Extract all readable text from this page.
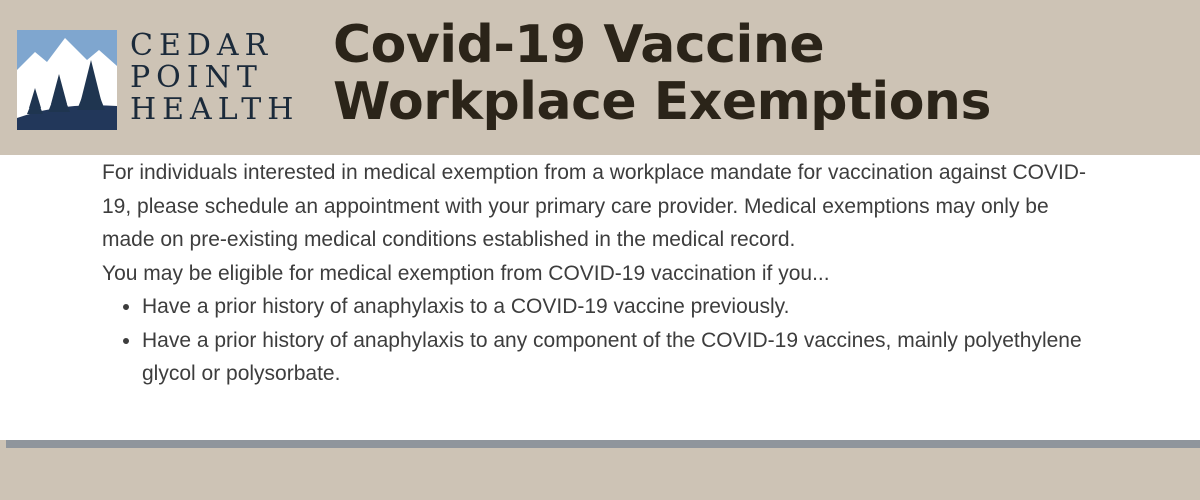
CEDAR
POINT
HEALTH
Covid-19 Vaccine
Workplace Exemptions

For individuals interested in medical exemption from a workplace mandate for vaccination against COVID-19, please schedule an appointment with your primary care provider. Medical exemptions may only be made on pre-existing medical conditions established in the medical record.

You may be eligible for medical exemption from COVID-19 vaccination if you...

• Have a prior history of anaphylaxis to a COVID-19 vaccine previously.
• Have a prior history of anaphylaxis to any component of the COVID-19 vaccines, mainly polyethylene glycol or polysorbate.
